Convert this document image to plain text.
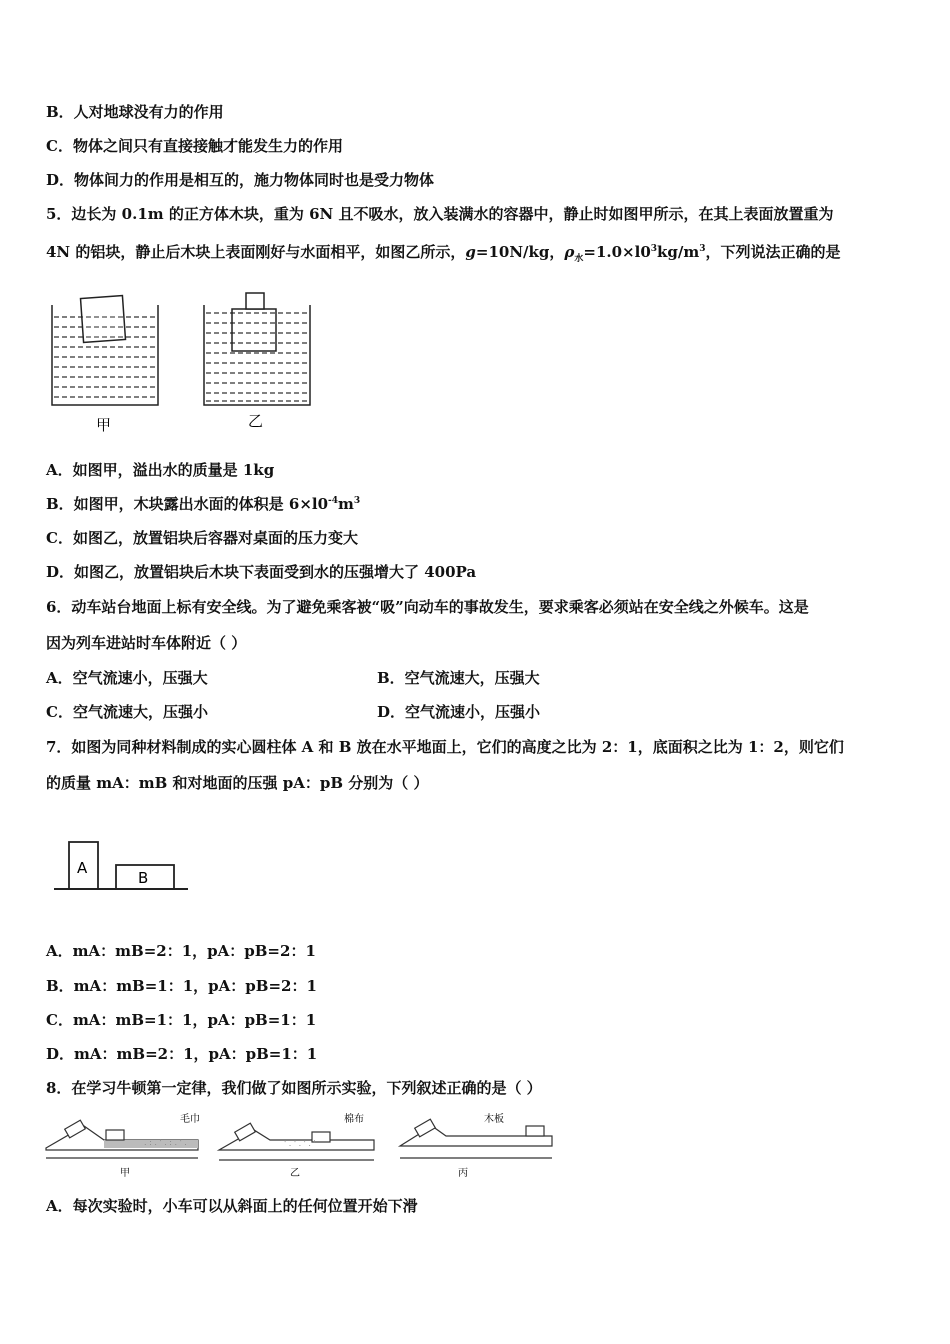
B．人对地球没有力的作用
C．物体之间只有直接接触才能发生力的作用
D．物体间力的作用是相互的，施力物体同时也是受力物体
5．边长为 0.1m 的正方体木块，重为 6N 且不吸水，放入装满水的容器中，静止时如图甲所示，在其上表面放置重为
4N 的铝块，静止后木块上表面刚好与水面相平，如图乙所示，g=10N/kg，$\rho_水=1.0\times l0^3kg/m^3$，下列说法正确的是
甲	乙
A．如图甲，溢出水的质量是 1kg
B．如图甲，木块露出水面的体积是 $6\times l0^{-4}m^3$
C．如图乙，放置铝块后容器对桌面的压力变大
D．如图乙，放置铝块后木块下表面受到水的压强增大了 400Pa
6．动车站台地面上标有安全线。为了避免乘客被“吸”向动车的事故发生，要求乘客必须站在安全线之外候车。这是
因为列车进站时车体附近（ ）
A．空气流速小，压强大	B．空气流速大，压强大
C．空气流速大，压强小	D．空气流速小，压强小
7．如图为同种材料制成的实心圆柱体 A 和 B 放在水平地面上，它们的高度之比为 2：1，底面积之比为 1：2，则它们
的质量 mA：mB 和对地面的压强 pA：pB 分别为（ ）
A
B
A．mA：mB=2：1，pA：pB=2：1
B．mA：mB=1：1，pA：pB=2：1
C．mA：mB=1：1，pA：pB=1：1
D．mA：mB=2：1，pA：pB=1：1
8．在学习牛顿第一定律，我们做了如图所示实验，下列叙述正确的是（ ）
. : . ' . : . ' .	' . ' . ' . '
毛巾	棉布	木板
甲	乙	丙
A．每次实验时，小车可以从斜面上的任何位置开始下滑
